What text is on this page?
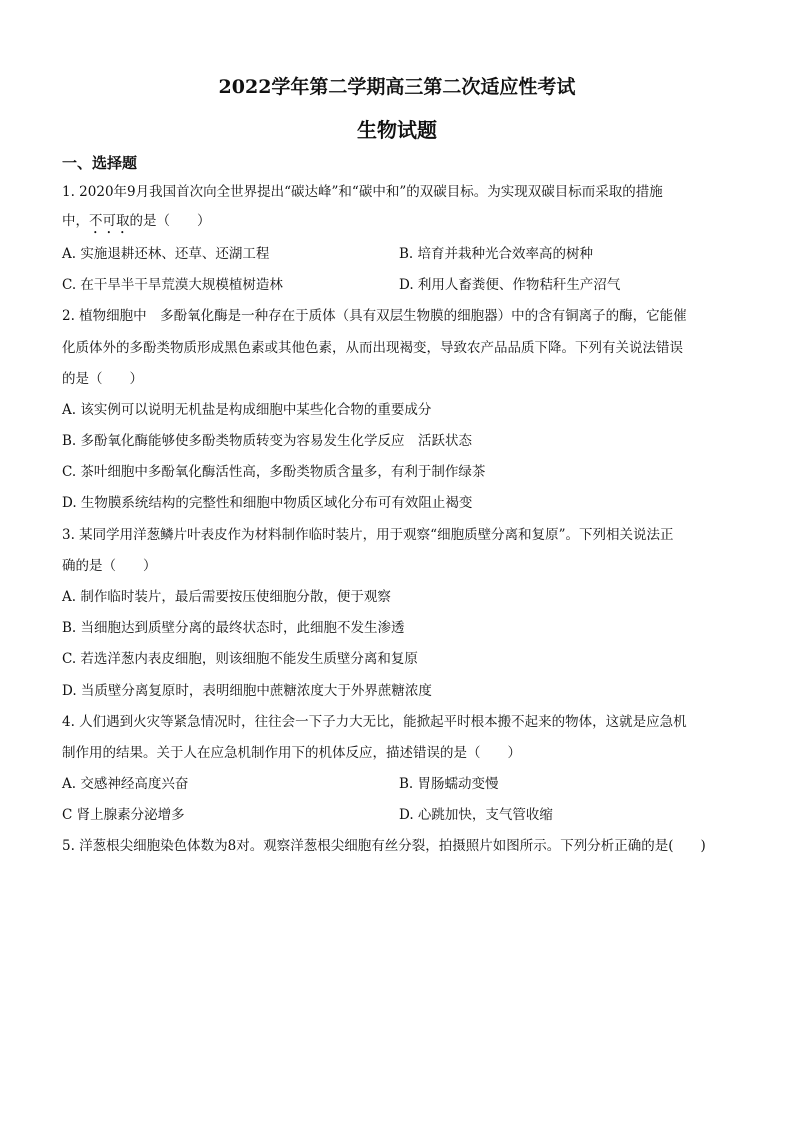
2022学年第二学期高三第二次适应性考试
生物试题
一、选择题
1. 2020年9月我国首次向全世界提出“碳达峰”和“碳中和”的双碳目标。为实现双碳目标而采取的措施
中，不可取的是（　　）
A. 实施退耕还林、还草、还湖工程	B. 培育并栽种光合效率高的树种
C. 在干旱半干旱荒漠大规模植树造林	D. 利用人畜粪便、作物秸秆生产沼气
2. 植物细胞中　多酚氧化酶是一种存在于质体（具有双层生物膜的细胞器）中的含有铜离子的酶，它能催
化质体外的多酚类物质形成黑色素或其他色素，从而出现褐变，导致农产品品质下降。下列有关说法错误
的是（　　）
A. 该实例可以说明无机盐是构成细胞中某些化合物的重要成分
B. 多酚氧化酶能够使多酚类物质转变为容易发生化学反应　活跃状态
C. 茶叶细胞中多酚氧化酶活性高，多酚类物质含量多，有利于制作绿茶
D. 生物膜系统结构的完整性和细胞中物质区域化分布可有效阻止褐变
3. 某同学用洋葱鳞片叶表皮作为材料制作临时装片，用于观察“细胞质壁分离和复原”。下列相关说法正
确的是（　　）
A. 制作临时装片，最后需要按压使细胞分散，便于观察
B. 当细胞达到质壁分离的最终状态时，此细胞不发生渗透
C. 若选洋葱内表皮细胞，则该细胞不能发生质壁分离和复原
D. 当质壁分离复原时，表明细胞中蔗糖浓度大于外界蔗糖浓度
4. 人们遇到火灾等紧急情况时，往往会一下子力大无比，能掀起平时根本搬不起来的物体，这就是应急机
制作用的结果。关于人在应急机制作用下的机体反应，描述错误的是（　　）
A. 交感神经高度兴奋	B. 胃肠蠕动变慢
C 肾上腺素分泌增多	D. 心跳加快，支气管收缩
5. 洋葱根尖细胞染色体数为8对。观察洋葱根尖细胞有丝分裂，拍摄照片如图所示。下列分析正确的是(　　)
